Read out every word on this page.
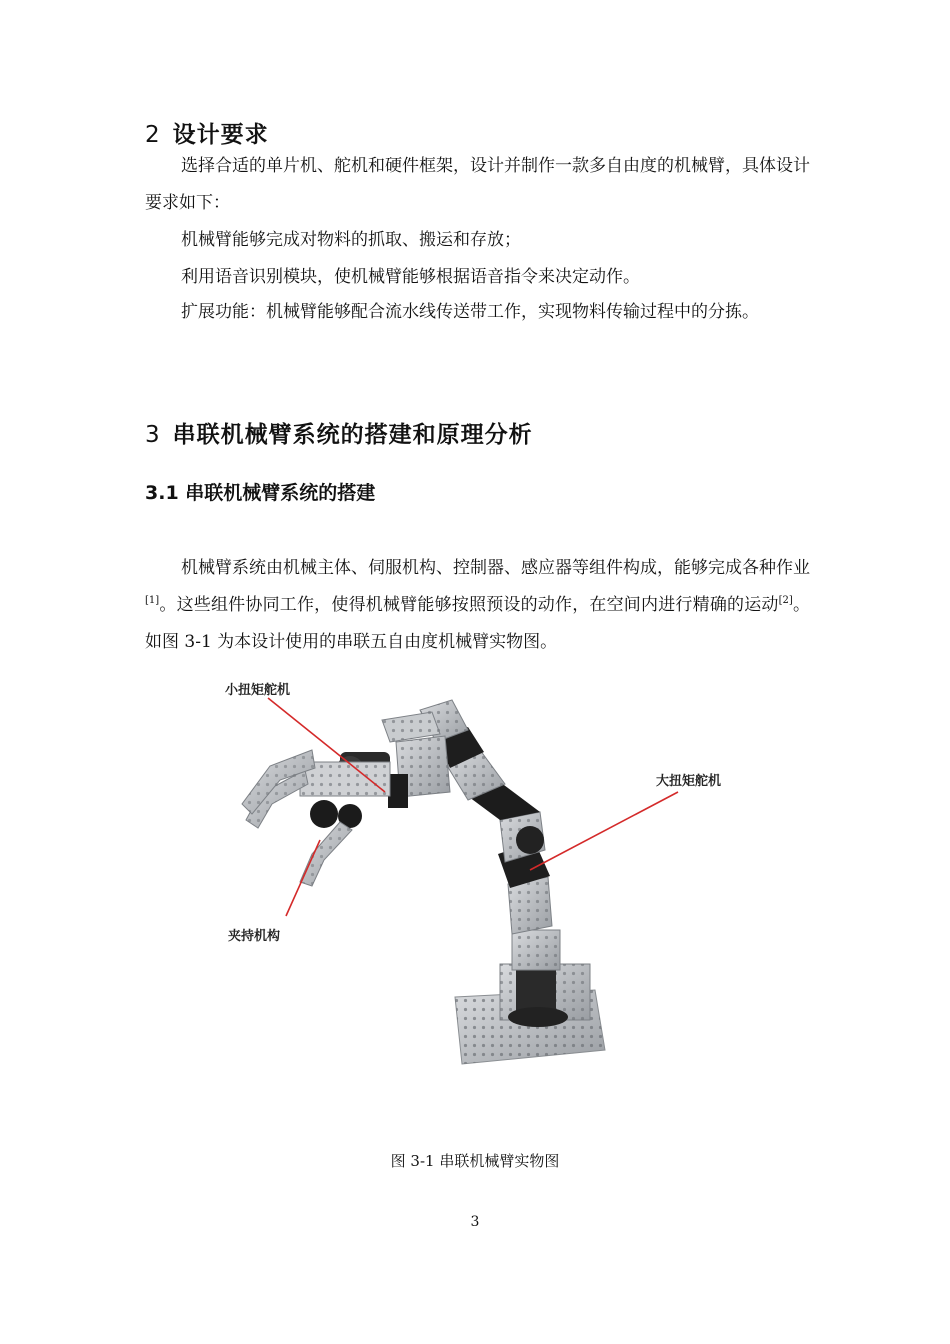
2 设计要求

选择合适的单片机、舵机和硬件框架，设计并制作一款多自由度的机械臂，具体设计要求如下：

机械臂能够完成对物料的抓取、搬运和存放；

利用语音识别模块，使机械臂能够根据语音指令来决定动作。

扩展功能：机械臂能够配合流水线传送带工作，实现物料传输过程中的分拣。

3 串联机械臂系统的搭建和原理分析
3.1 串联机械臂系统的搭建

机械臂系统由机械主体、伺服机构、控制器、感应器等组件构成，能够完成各种作业[1]。这些组件协同工作，使得机械臂能够按照预设的动作，在空间内进行精确的运动[2]。如图 3-1 为本设计使用的串联五自由度机械臂实物图。

小扭矩舵机
大扭矩舵机
夹持机构

图 3-1 串联机械臂实物图

3
